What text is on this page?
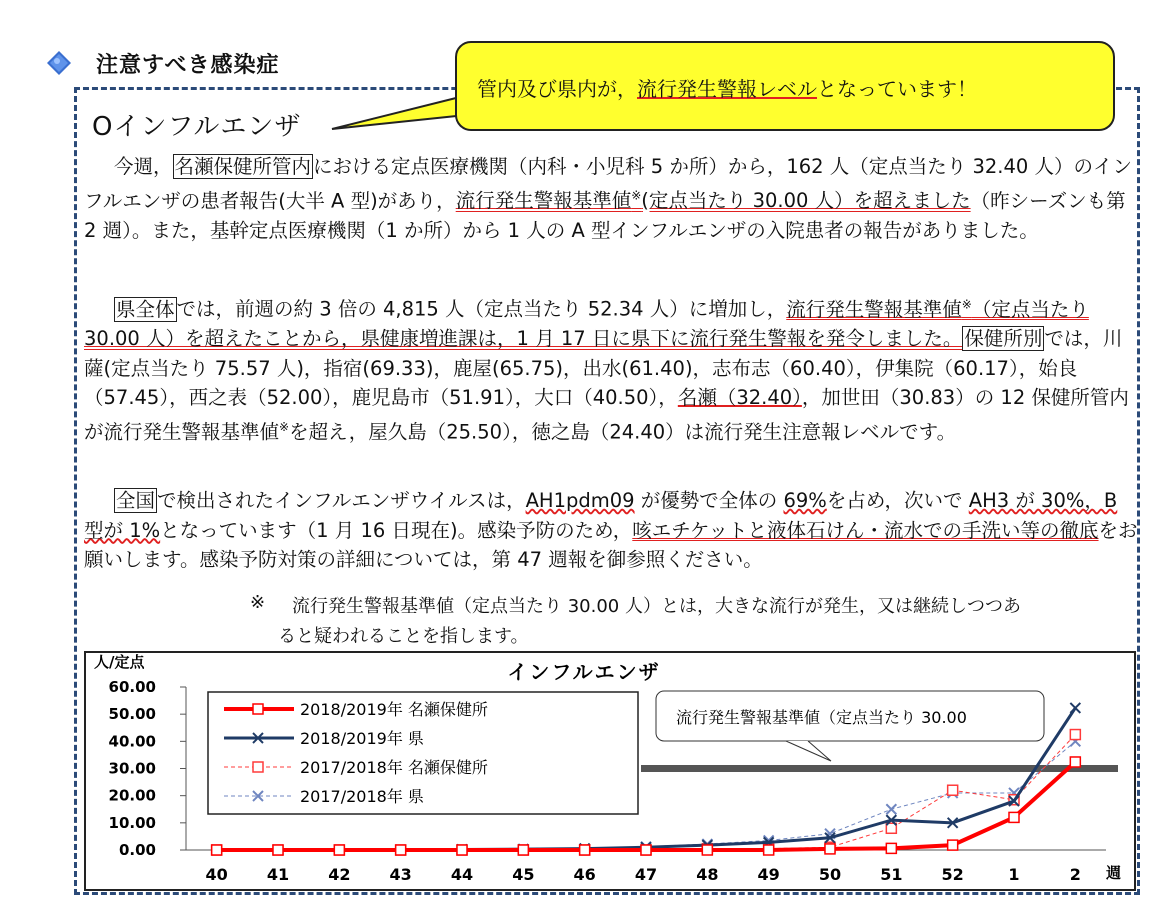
注意すべき感染症
管内及び県内が，流行発生警報レベルとなっています！
Oインフルエンザ
今週， 名瀬保健所管内 における定点医療機関（内科・小児科 5 か所）から，162 人（定点当たり 32.40 人）のインフルエンザの患者報告(大半 A 型)があり，流行発生警報基準値※(定点当たり 30.00 人）を超えました（昨シーズンも第 2 週）。また，基幹定点医療機関（1 か所）から 1 人の A 型インフルエンザの入院患者の報告がありました。
県全体 では，前週の約 3 倍の 4,815 人（定点当たり 52.34 人）に増加し，流行発生警報基準値※（定点当たり 30.00 人）を超えたことから，県健康増進課は，1 月 17 日に県下に流行発生警報を発令しました。 保健所別 では，川薩(定点当たり 75.57 人)，指宿(69.33)，鹿屋(65.75)，出水(61.40)，志布志（60.40），伊集院（60.17），始良（57.45），西之表（52.00），鹿児島市（51.91），大口（40.50），名瀬（32.40），加世田（30.83）の 12 保健所管内が流行発生警報基準値※を超え，屋久島（25.50），徳之島（24.40）は流行発生注意報レベルです。
全国 で検出されたインフルエンザウイルスは，AH1pdm09 が優勢で全体の 69%を占め，次いで AH3 が 30%，B 型が 1%となっています（1 月 16 日現在)。感染予防のため，咳エチケットと液体石けん・流水での手洗い等の徹底をお願いします。感染予防対策の詳細については，第 47 週報を御参照ください。
※ 流行発生警報基準値（定点当たり 30.00 人）とは，大きな流行が発生，又は継続しつつあ
ると疑われることを指します。
人/定点	インフルエンザ
0.00
10.00
20.00
30.00
40.00
50.00
60.00
40 41 42 43 44 45 46 47 48 49 50 51 52	1	2 週
流行発生警報基準値（定点当たり 30.00
2018/2019年 名瀬保健所
2018/2019年 県
2017/2018年 名瀬保健所
2017/2018年 県
